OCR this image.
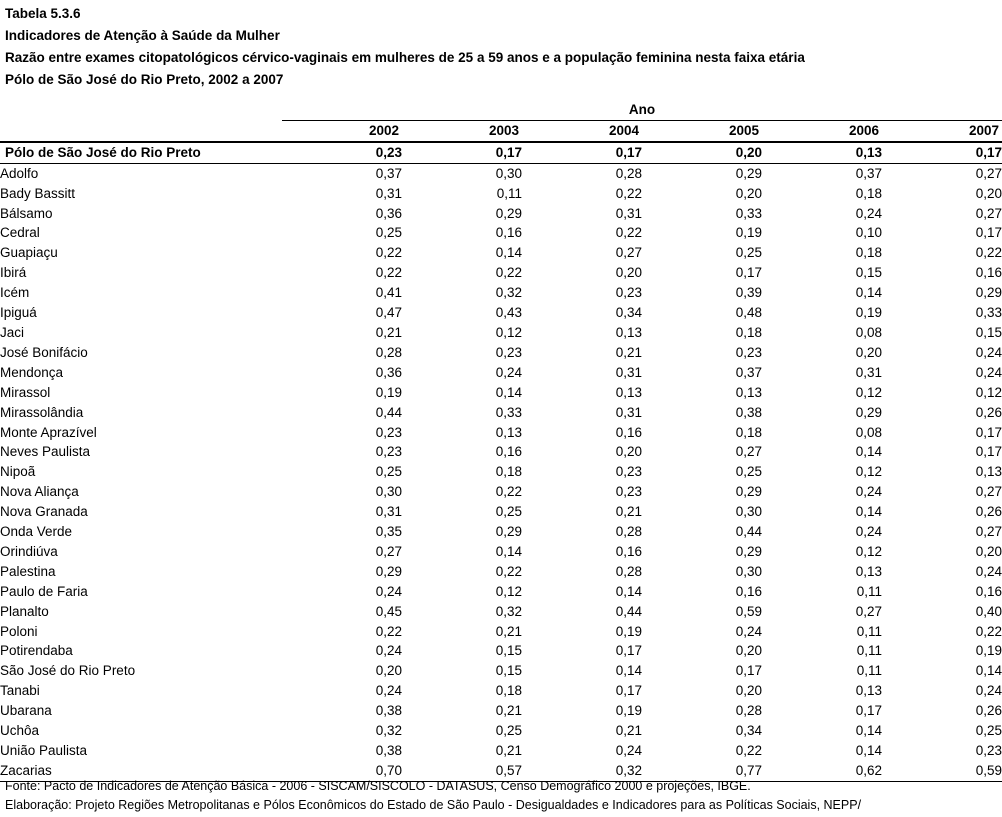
Tabela 5.3.6
Indicadores de Atenção à Saúde da Mulher
Razão entre exames citopatológicos cérvico-vaginais em mulheres de 25 a 59 anos e a população feminina nesta faixa etária
Pólo de São José do Rio Preto, 2002 a 2007
	Ano					
	2002	2003	2004	2005	2006	2007
Pólo de São José do Rio Preto	0,23	0,17	0,17	0,20	0,13	0,17
Adolfo	0,37	0,30	0,28	0,29	0,37	0,27
Bady Bassitt	0,31	0,11	0,22	0,20	0,18	0,20
Bálsamo	0,36	0,29	0,31	0,33	0,24	0,27
Cedral	0,25	0,16	0,22	0,19	0,10	0,17
Guapiaçu	0,22	0,14	0,27	0,25	0,18	0,22
Ibirá	0,22	0,22	0,20	0,17	0,15	0,16
Icém	0,41	0,32	0,23	0,39	0,14	0,29
Ipiguá	0,47	0,43	0,34	0,48	0,19	0,33
Jaci	0,21	0,12	0,13	0,18	0,08	0,15
José Bonifácio	0,28	0,23	0,21	0,23	0,20	0,24
Mendonça	0,36	0,24	0,31	0,37	0,31	0,24
Mirassol	0,19	0,14	0,13	0,13	0,12	0,12
Mirassolândia	0,44	0,33	0,31	0,38	0,29	0,26
Monte Aprazível	0,23	0,13	0,16	0,18	0,08	0,17
Neves Paulista	0,23	0,16	0,20	0,27	0,14	0,17
Nipoã	0,25	0,18	0,23	0,25	0,12	0,13
Nova Aliança	0,30	0,22	0,23	0,29	0,24	0,27
Nova Granada	0,31	0,25	0,21	0,30	0,14	0,26
Onda Verde	0,35	0,29	0,28	0,44	0,24	0,27
Orindiúva	0,27	0,14	0,16	0,29	0,12	0,20
Palestina	0,29	0,22	0,28	0,30	0,13	0,24
Paulo de Faria	0,24	0,12	0,14	0,16	0,11	0,16
Planalto	0,45	0,32	0,44	0,59	0,27	0,40
Poloni	0,22	0,21	0,19	0,24	0,11	0,22
Potirendaba	0,24	0,15	0,17	0,20	0,11	0,19
São José do Rio Preto	0,20	0,15	0,14	0,17	0,11	0,14
Tanabi	0,24	0,18	0,17	0,20	0,13	0,24
Ubarana	0,38	0,21	0,19	0,28	0,17	0,26
Uchôa	0,32	0,25	0,21	0,34	0,14	0,25
União Paulista	0,38	0,21	0,24	0,22	0,14	0,23
Zacarias	0,70	0,57	0,32	0,77	0,62	0,59
Fonte: Pacto de Indicadores de Atenção Básica - 2006 - SISCAM/SISCOLO - DATASUS, Censo Demográfico 2000 e projeções, IBGE.
Elaboração: Projeto Regiões Metropolitanas e Pólos Econômicos do Estado de São Paulo - Desigualdades e Indicadores para as Políticas Sociais, NEPP/
